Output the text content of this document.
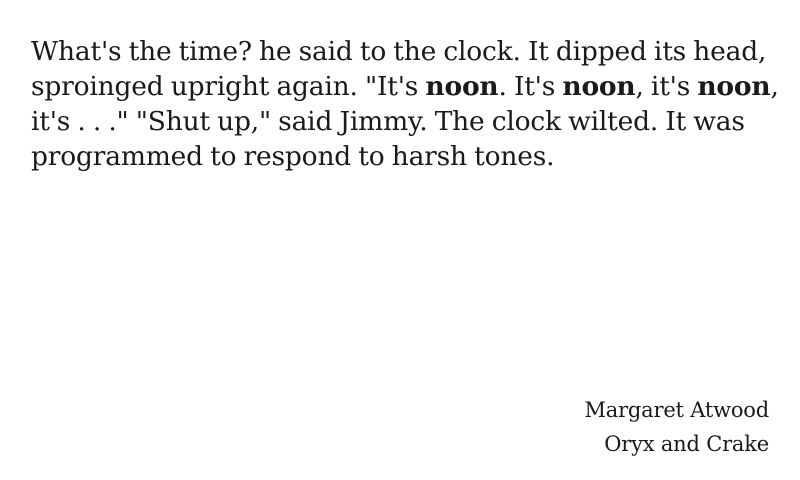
What's the time? he said to the clock. It dipped its head, sproinged upright again. "It's noon. It's noon, it's noon, it's . . ." "Shut up," said Jimmy. The clock wilted. It was programmed to respond to harsh tones.
Margaret Atwood
Oryx and Crake
